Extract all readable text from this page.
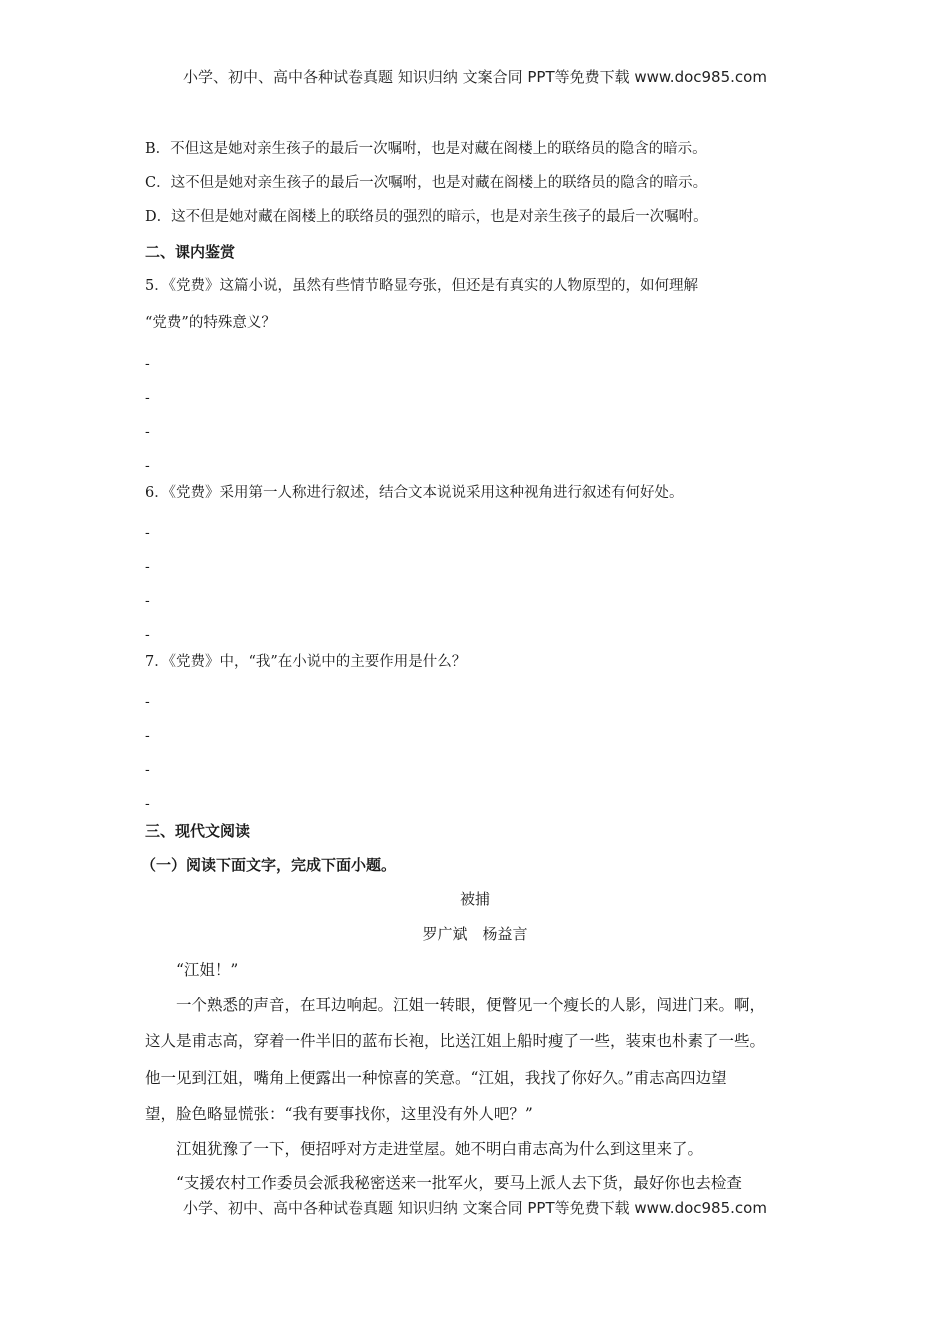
小学、初中、高中各种试卷真题 知识归纳 文案合同 PPT等免费下载 www.doc985.com
B．不但这是她对亲生孩子的最后一次嘱咐，也是对藏在阁楼上的联络员的隐含的暗示。
C．这不但是她对亲生孩子的最后一次嘱咐，也是对藏在阁楼上的联络员的隐含的暗示。
D．这不但是她对藏在阁楼上的联络员的强烈的暗示，也是对亲生孩子的最后一次嘱咐。
二、课内鉴赏
5．《党费》这篇小说，虽然有些情节略显夸张，但还是有真实的人物原型的，如何理解
“党费”的特殊意义？
-
-
-
-
6．《党费》采用第一人称进行叙述，结合文本说说采用这种视角进行叙述有何好处。
-
-
-
-
7．《党费》中，“我”在小说中的主要作用是什么？
-
-
-
-
三、现代文阅读
（一）阅读下面文字，完成下面小题。
被捕
罗广斌　杨益言
“江姐！”
一个熟悉的声音，在耳边响起。江姐一转眼，便瞥见一个瘦长的人影，闯进门来。啊，
这人是甫志高，穿着一件半旧的蓝布长袍，比送江姐上船时瘦了一些，装束也朴素了一些。
他一见到江姐，嘴角上便露出一种惊喜的笑意。“江姐，我找了你好久。”甫志高四边望
望，脸色略显慌张：“我有要事找你，这里没有外人吧？”
江姐犹豫了一下，便招呼对方走进堂屋。她不明白甫志高为什么到这里来了。
“支援农村工作委员会派我秘密送来一批军火，要马上派人去下货，最好你也去检查
小学、初中、高中各种试卷真题 知识归纳 文案合同 PPT等免费下载 www.doc985.com
